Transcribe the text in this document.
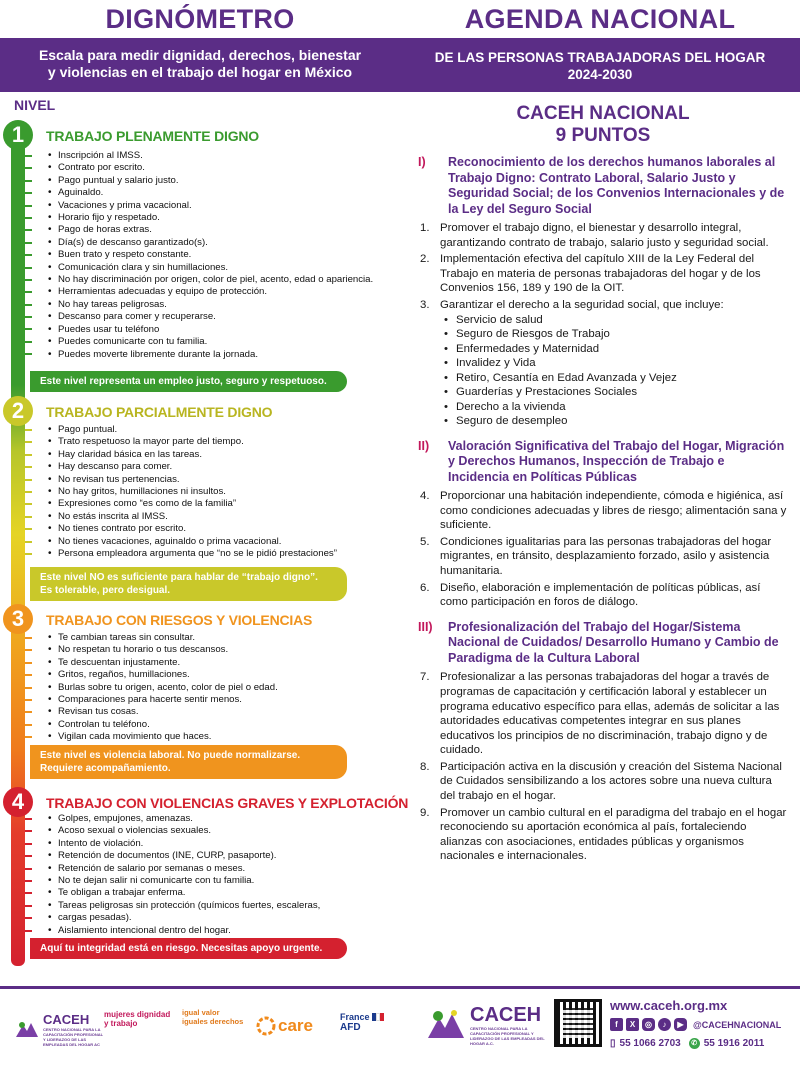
DIGNÓMETRO
Escala para medir dignidad, derechos, bienestar
y violencias en el trabajo del hogar en México
AGENDA NACIONAL
DE LAS PERSONAS TRABAJADORAS DEL HOGAR
2024-2030
NIVEL
1	TRABAJO PLENAMENTE DIGNO
• Inscripción al IMSS.
• Contrato por escrito.
• Pago puntual y salario justo.
• Aguinaldo.
• Vacaciones y prima vacacional.
• Horario fijo y respetado.
• Pago de horas extras.
• Día(s) de descanso garantizado(s).
• Buen trato y respeto constante.
• Comunicación clara y sin humillaciones.
• No hay discriminación por origen, color de piel, acento, edad o apariencia.
• Herramientas adecuadas y equipo de protección.
• No hay tareas peligrosas.
• Descanso para comer y recuperarse.
• Puedes usar tu teléfono
• Puedes comunicarte con tu familia.
• Puedes moverte libremente durante la jornada.
Este nivel representa un empleo justo, seguro y respetuoso.
2	TRABAJO PARCIALMENTE DIGNO
• Pago puntual.
• Trato respetuoso la mayor parte del tiempo.
• Hay claridad básica en las tareas.
• Hay descanso para comer.
• No revisan tus pertenencias.
• No hay gritos, humillaciones ni insultos.
• Expresiones como “es como de la familia”
• No estás inscrita al IMSS.
• No tienes contrato por escrito.
• No tienes vacaciones, aguinaldo o prima vacacional.
• Persona empleadora argumenta que “no se le pidió prestaciones”
Este nivel NO es suficiente para hablar de “trabajo digno”.
Es tolerable, pero desigual.
3	TRABAJO CON RIESGOS Y VIOLENCIAS
• Te cambian tareas sin consultar.
• No respetan tu horario o tus descansos.
• Te descuentan injustamente.
• Gritos, regaños, humillaciones.
• Burlas sobre tu origen, acento, color de piel o edad.
• Comparaciones para hacerte sentir menos.
• Revisan tus cosas.
• Controlan tu teléfono.
• Vigilan cada movimiento que haces.
Este nivel es violencia laboral. No puede normalizarse.
Requiere acompañamiento.
4	TRABAJO CON VIOLENCIAS GRAVES Y EXPLOTACIÓN
• Golpes, empujones, amenazas.
• Acoso sexual o violencias sexuales.
• Intento de violación.
• Retención de documentos (INE, CURP, pasaporte).
• Retención de salario por semanas o meses.
• No te dejan salir ni comunicarte con tu familia.
• Te obligan a trabajar enferma.
• Tareas peligrosas sin protección (químicos fuertes, escaleras,
• cargas pesadas).
• Aislamiento intencional dentro del hogar.
Aquí tu integridad está en riesgo. Necesitas apoyo urgente.
CACEH NACIONAL
9 PUNTOS
I)	Reconocimiento de los derechos humanos laborales al Trabajo Digno: Contrato Laboral, Salario Justo y Seguridad Social; de los Convenios Internacionales y de la Ley del Seguro Social
1. Promover el trabajo digno, el bienestar y desarrollo integral, garantizando contrato de trabajo, salario justo y seguridad social.
2. Implementación efectiva del capítulo XIII de la Ley Federal del Trabajo en materia de personas trabajadoras del hogar y de los Convenios 156, 189 y 190 de la OIT.
3. Garantizar el derecho a la seguridad social, que incluye:
• Servicio de salud
• Seguro de Riesgos de Trabajo
• Enfermedades y Maternidad
• Invalidez y Vida
• Retiro, Cesantía en Edad Avanzada y Vejez
• Guarderías y Prestaciones Sociales
• Derecho a la vivienda
• Seguro de desempleo
II)	Valoración Significativa del Trabajo del Hogar, Migración y Derechos Humanos, Inspección de Trabajo e Incidencia en Políticas Públicas
4. Proporcionar una habitación independiente, cómoda e higiénica, así como condiciones adecuadas y libres de riesgo; alimentación sana y suficiente.
5. Condiciones igualitarias para las personas trabajadoras del hogar migrantes, en tránsito, desplazamiento forzado, asilo y asistencia humanitaria.
6. Diseño, elaboración e implementación de políticas públicas, así como participación en foros de diálogo.
III)	Profesionalización del Trabajo del Hogar/Sistema Nacional de Cuidados/ Desarrollo Humano y Cambio de Paradigma de la Cultura Laboral
7. Profesionalizar a las personas trabajadoras del hogar a través de programas de capacitación y certificación laboral y establecer un programa educativo específico para ellas, además de solicitar a las autoridades educativas competentes integrar en sus planes educativos los principios de no discriminación, trabajo digno y de cuidado.
8. Participación activa en la discusión y creación del Sistema Nacional de Cuidados sensibilizando a los actores sobre una nueva cultura del trabajo en el hogar.
9. Promover un cambio cultural en el paradigma del trabajo en el hogar reconociendo su aportación económica al país, fortaleciendo alianzas con asociaciones, entidades públicas y organismos nacionales e internacionales.
CACEH
CENTRO NACIONAL PARA LA CAPACITACIÓN PROFESIONAL Y LIDERAZGO DE LAS EMPLEADAS DEL HOGAR AC
mujeres dignidad y trabajo
igual valor iguales derechos care	France
AFD
CACEH
CENTRO NACIONAL PARA LA CAPACITACIÓN PROFESIONAL Y LIDERAZGO DE LAS EMPLEADAS DEL HOGAR A.C.
www.caceh.org.mx
f	X	◎	♪	▶	@CACEHNACIONAL
▯ 55 1066 2703	✆ 55 1916 2011
